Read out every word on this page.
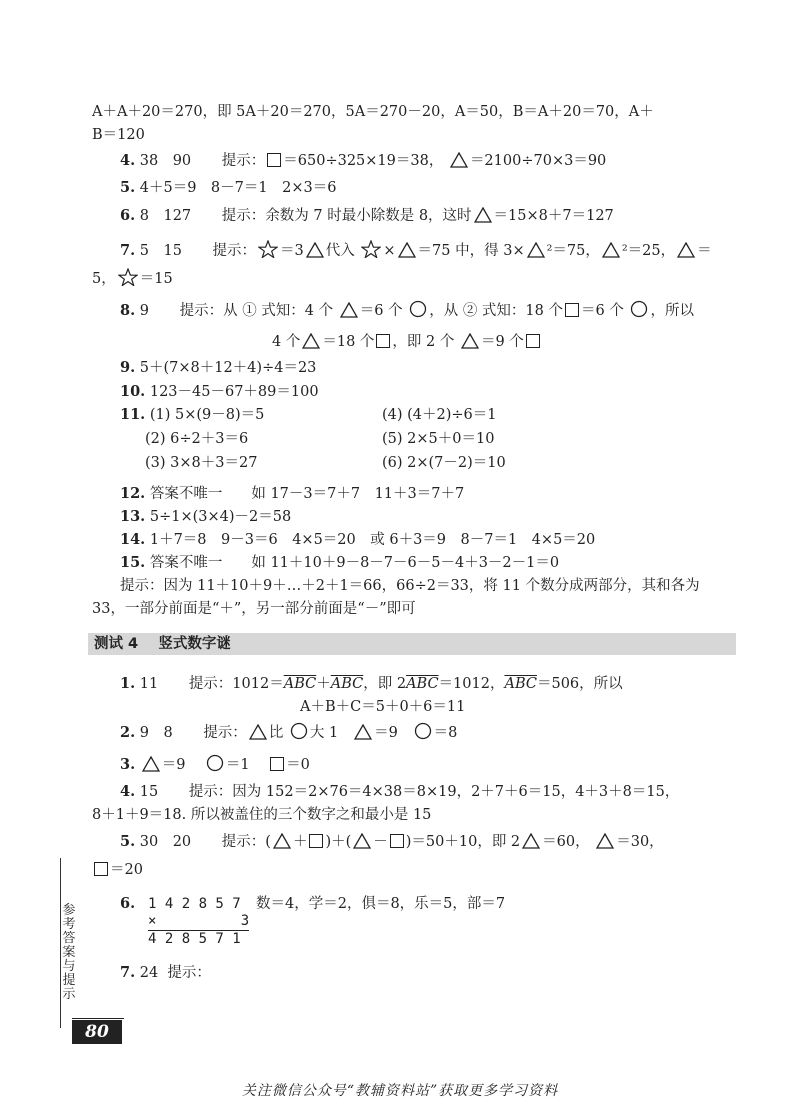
A＋A＋20＝270，即 5A＋20＝270，5A＝270－20，A＝50，B＝A＋20＝70，A＋
B＝120
4. 38　90 提示： ＝650÷325×19＝38， ＝2100÷70×3＝90
5. 4＋5＝9　8－7＝1　2×3＝6
6. 8　127 提示：余数为 7 时最小除数是 8，这时 ＝15×8＋7＝127
7. 5　15 提示： ＝3 代入 × ＝75 中，得 3× ²＝75， ²＝25， ＝
5， ＝15
8. 9 提示：从 ① 式知：4 个 ＝6 个 ，从 ② 式知：18 个 ＝6 个 ，所以
4 个 ＝18 个 ，即 2 个 ＝9 个
9. 5＋(7×8＋12＋4)÷4＝23
10. 123－45－67＋89＝100
11. (1) 5×(9－8)＝5
(2) 6÷2＋3＝6
(3) 3×8＋3＝27
(4) (4＋2)÷6＝1
(5) 2×5＋0＝10
(6) 2×(7－2)＝10
12. 答案不唯一　　如 17－3＝7＋7　11＋3＝7＋7
13. 5÷1×(3×4)－2＝58
14. 1＋7＝8　9－3＝6　4×5＝20　或 6＋3＝9　8－7＝1　4×5＝20
15. 答案不唯一　　如 11＋10＋9－8－7－6－5－4＋3－2－1＝0
提示：因为 11＋10＋9＋…＋2＋1＝66，66÷2＝33，将 11 个数分成两部分，其和各为
33，一部分前面是“＋”，另一部分前面是“－”即可
测试 4 竖式数字谜
1. 11 提示：$1012=\overline{ABC}+\overline{ABC}$，即 $2\overline{ABC}=1012$，$\overline{ABC}=506$，所以
A＋B＋C＝5＋0＋6＝11
2. 9　8 提示： 比 大 1 ＝9 ＝8
3. ＝9	＝1	＝0
4. 15 提示：因为 152＝2×76＝4×38＝8×19，2＋7＋6＝15，4＋3＋8＝15，
8＋1＋9＝18. 所以被盖住的三个数字之和最小是 15
5. 30　20 提示：( ＋ )＋( － )＝50＋10，即 2 ＝60， ＝30，
＝20
6. 1 4 2 8 5 7
×          3
4 2 8 5 7 1
数＝4，学＝2，俱＝8，乐＝5，部＝7
7. 24 提示：
参考答案与提示
80
关注微信公众号“教辅资料站”获取更多学习资料
